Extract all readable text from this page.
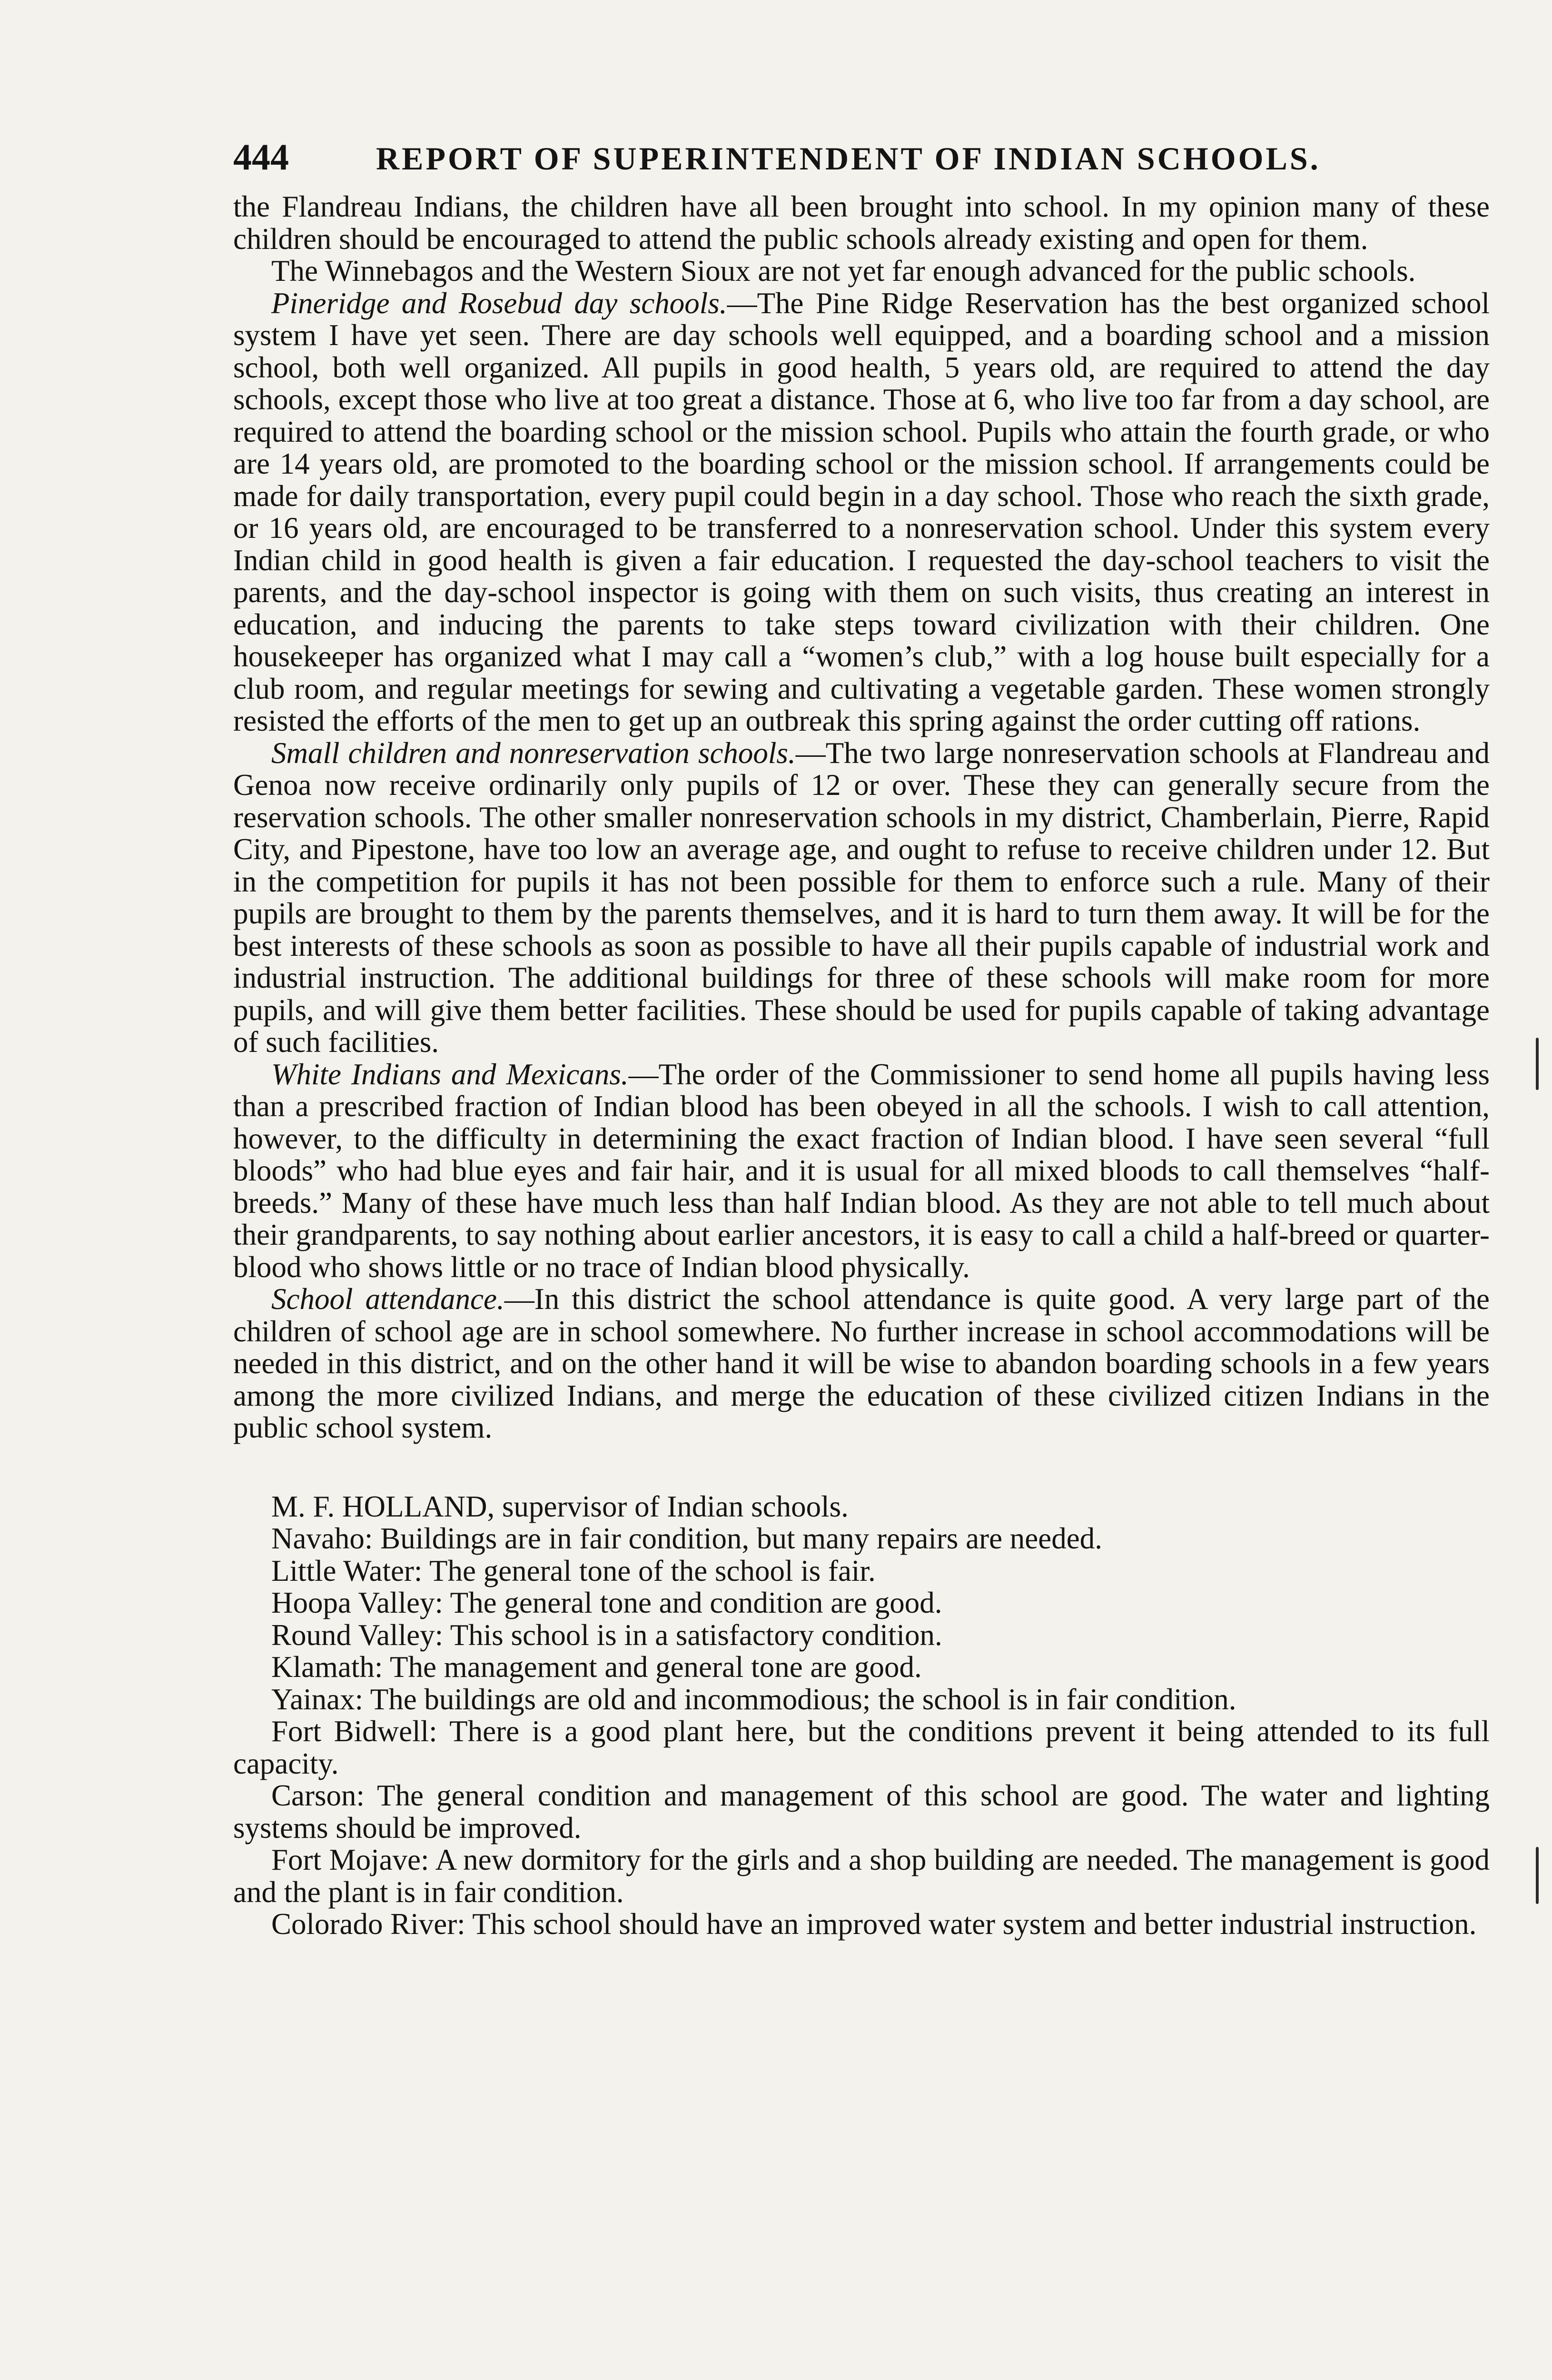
444	REPORT OF SUPERINTENDENT OF INDIAN SCHOOLS.

the Flandreau Indians, the children have all been brought into school. In my opinion many of these children should be encouraged to attend the public schools already existing and open for them.

The Winnebagos and the Western Sioux are not yet far enough advanced for the public schools.

Pineridge and Rosebud day schools.—The Pine Ridge Reservation has the best organized school system I have yet seen. There are day schools well equipped, and a boarding school and a mission school, both well organized. All pupils in good health, 5 years old, are required to attend the day schools, except those who live at too great a distance. Those at 6, who live too far from a day school, are required to attend the boarding school or the mission school. Pupils who attain the fourth grade, or who are 14 years old, are promoted to the boarding school or the mission school. If arrangements could be made for daily transportation, every pupil could begin in a day school. Those who reach the sixth grade, or 16 years old, are encouraged to be transferred to a nonreservation school. Under this system every Indian child in good health is given a fair education. I requested the day-school teachers to visit the parents, and the day-school inspector is going with them on such visits, thus creating an interest in education, and inducing the parents to take steps toward civilization with their children. One housekeeper has organized what I may call a “women’s club,” with a log house built especially for a club room, and regular meetings for sewing and cultivating a vegetable garden. These women strongly resisted the efforts of the men to get up an outbreak this spring against the order cutting off rations.

Small children and nonreservation schools.—The two large nonreservation schools at Flandreau and Genoa now receive ordinarily only pupils of 12 or over. These they can generally secure from the reservation schools. The other smaller nonreservation schools in my district, Chamberlain, Pierre, Rapid City, and Pipestone, have too low an average age, and ought to refuse to receive children under 12. But in the competition for pupils it has not been possible for them to enforce such a rule. Many of their pupils are brought to them by the parents themselves, and it is hard to turn them away. It will be for the best interests of these schools as soon as possible to have all their pupils capable of industrial work and industrial instruction. The additional buildings for three of these schools will make room for more pupils, and will give them better facilities. These should be used for pupils capable of taking advantage of such facilities.

White Indians and Mexicans.—The order of the Commissioner to send home all pupils having less than a prescribed fraction of Indian blood has been obeyed in all the schools. I wish to call attention, however, to the difficulty in determining the exact fraction of Indian blood. I have seen several “full bloods” who had blue eyes and fair hair, and it is usual for all mixed bloods to call themselves “half-breeds.” Many of these have much less than half Indian blood. As they are not able to tell much about their grandparents, to say nothing about earlier ancestors, it is easy to call a child a half-breed or quarter-blood who shows little or no trace of Indian blood physically.

School attendance.—In this district the school attendance is quite good. A very large part of the children of school age are in school somewhere. No further increase in school accommodations will be needed in this district, and on the other hand it will be wise to abandon boarding schools in a few years among the more civilized Indians, and merge the education of these civilized citizen Indians in the public school system.

M. F. HOLLAND, supervisor of Indian schools.

Navaho: Buildings are in fair condition, but many repairs are needed.

Little Water: The general tone of the school is fair.

Hoopa Valley: The general tone and condition are good.

Round Valley: This school is in a satisfactory condition.

Klamath: The management and general tone are good.

Yainax: The buildings are old and incommodious; the school is in fair condition.

Fort Bidwell: There is a good plant here, but the conditions prevent it being attended to its full capacity.

Carson: The general condition and management of this school are good. The water and lighting systems should be improved.

Fort Mojave: A new dormitory for the girls and a shop building are needed. The management is good and the plant is in fair condition.

Colorado River: This school should have an improved water system and better industrial instruction.
